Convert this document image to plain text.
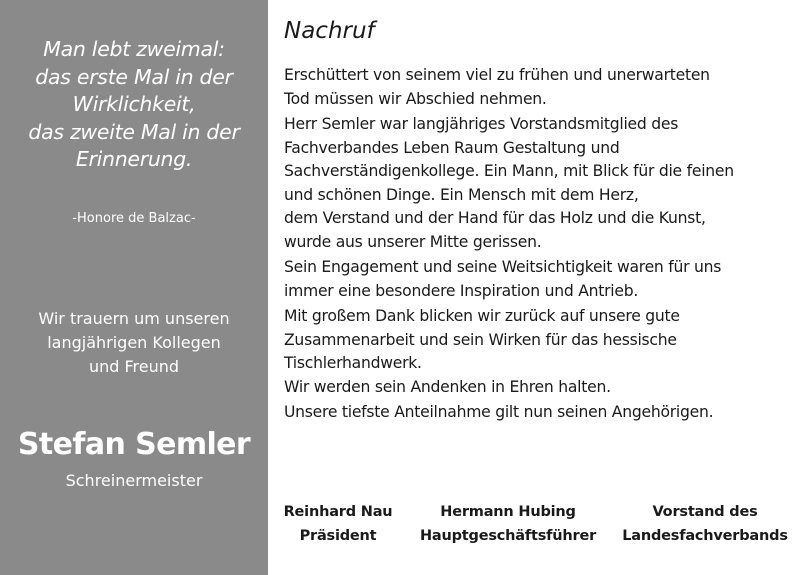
Man lebt zweimal:
das erste Mal in der
Wirklichkeit,
das zweite Mal in der
Erinnerung.
-Honore de Balzac-
Wir trauern um unseren
langjährigen Kollegen
und Freund
Stefan Semler
Schreinermeister
Nachruf
Erschüttert von seinem viel zu frühen und unerwarteten
Tod müssen wir Abschied nehmen.
Herr Semler war langjähriges Vorstandsmitglied des
Fachverbandes Leben Raum Gestaltung und
Sachverständigenkollege. Ein Mann, mit Blick für die feinen
und schönen Dinge. Ein Mensch mit dem Herz,
dem Verstand und der Hand für das Holz und die Kunst,
wurde aus unserer Mitte gerissen.
Sein Engagement und seine Weitsichtigkeit waren für uns
immer eine besondere Inspiration und Antrieb.
Mit großem Dank blicken wir zurück auf unsere gute
Zusammenarbeit und sein Wirken für das hessische
Tischlerhandwerk.
Wir werden sein Andenken in Ehren halten.
Unsere tiefste Anteilnahme gilt nun seinen Angehörigen.
Reinhard Nau
Präsident
Hermann Hubing
Hauptgeschäftsführer
Vorstand des
Landesfachverbands
